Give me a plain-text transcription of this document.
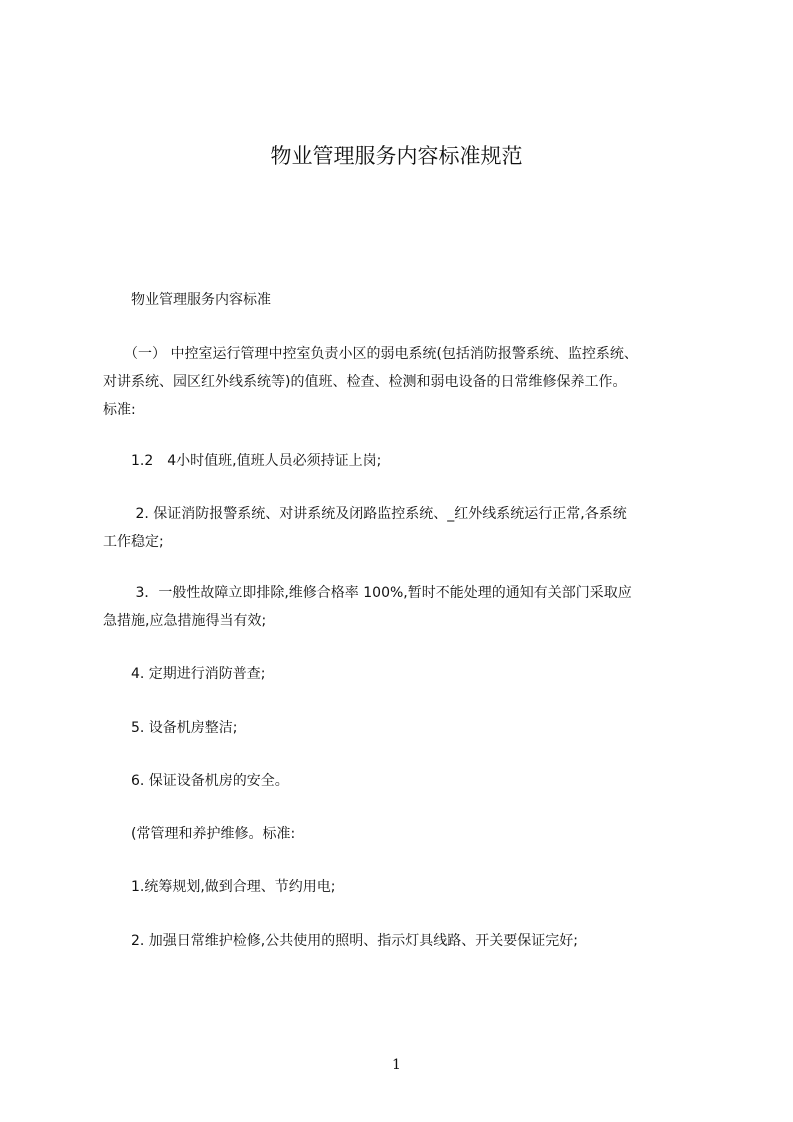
物业管理服务内容标准规范

　　物业管理服务内容标准

　　（一） 中控室运行管理中控室负责小区的弱电系统(包括消防报警系统、监控系统、
对讲系统、园区红外线系统等)的值班、检查、检测和弱电设备的日常维修保养工作。
标准:

　　1.2　4小时值班,值班人员必须持证上岗;

　　 2. 保证消防报警系统、对讲系统及闭路监控系统、_红外线系统运行正常,各系统
工作稳定;

　　 3．一般性故障立即排除,维修合格率 100%,暂时不能处理的通知有关部门采取应
急措施,应急措施得当有效;

　　4. 定期进行消防普查;

　　5. 设备机房整洁;

　　6. 保证设备机房的安全。

　　(常管理和养护维修。标准:

　　1.统筹规划,做到合理、节约用电;

　　2. 加强日常维护检修,公共使用的照明、指示灯具线路、开关要保证完好;

1
